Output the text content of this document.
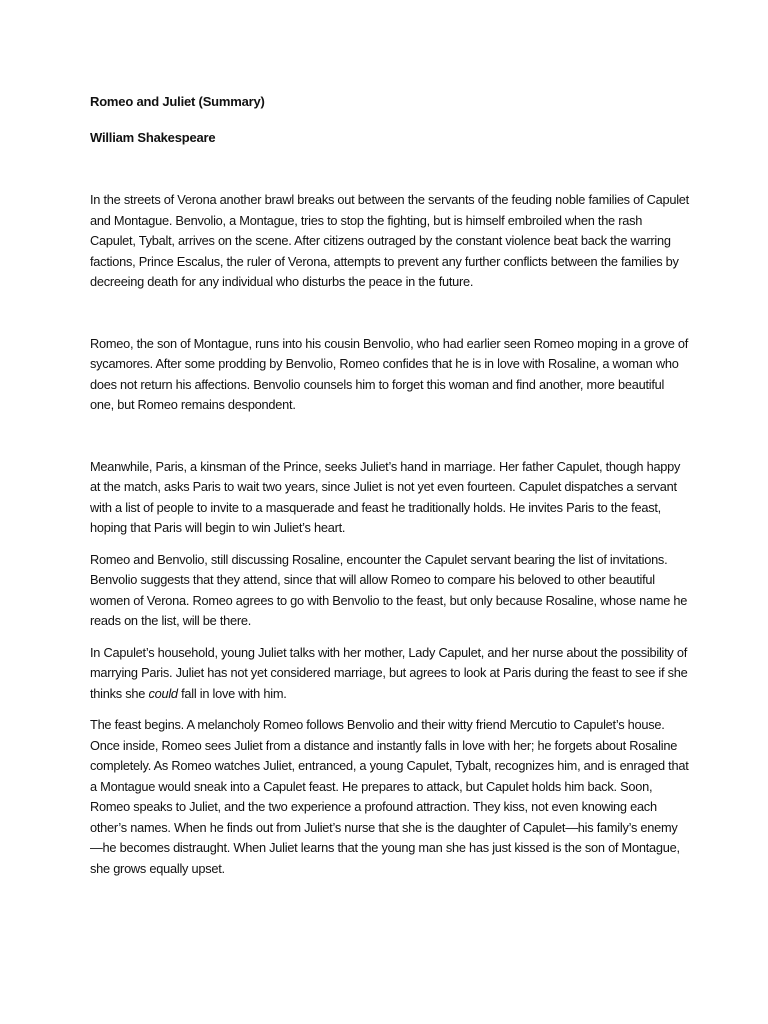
Romeo and Juliet (Summary)
William Shakespeare

In the streets of Verona another brawl breaks out between the servants of the feuding noble families of Capulet and Montague. Benvolio, a Montague, tries to stop the fighting, but is himself embroiled when the rash Capulet, Tybalt, arrives on the scene. After citizens outraged by the constant violence beat back the warring factions, Prince Escalus, the ruler of Verona, attempts to prevent any further conflicts between the families by decreeing death for any individual who disturbs the peace in the future.

Romeo, the son of Montague, runs into his cousin Benvolio, who had earlier seen Romeo moping in a grove of sycamores. After some prodding by Benvolio, Romeo confides that he is in love with Rosaline, a woman who does not return his affections. Benvolio counsels him to forget this woman and find another, more beautiful one, but Romeo remains despondent.

Meanwhile, Paris, a kinsman of the Prince, seeks Juliet’s hand in marriage. Her father Capulet, though happy at the match, asks Paris to wait two years, since Juliet is not yet even fourteen. Capulet dispatches a servant with a list of people to invite to a masquerade and feast he traditionally holds. He invites Paris to the feast, hoping that Paris will begin to win Juliet’s heart.

Romeo and Benvolio, still discussing Rosaline, encounter the Capulet servant bearing the list of invitations. Benvolio suggests that they attend, since that will allow Romeo to compare his beloved to other beautiful women of Verona. Romeo agrees to go with Benvolio to the feast, but only because Rosaline, whose name he reads on the list, will be there.

In Capulet’s household, young Juliet talks with her mother, Lady Capulet, and her nurse about the possibility of marrying Paris. Juliet has not yet considered marriage, but agrees to look at Paris during the feast to see if she thinks she could fall in love with him.

The feast begins. A melancholy Romeo follows Benvolio and their witty friend Mercutio to Capulet’s house. Once inside, Romeo sees Juliet from a distance and instantly falls in love with her; he forgets about Rosaline completely. As Romeo watches Juliet, entranced, a young Capulet, Tybalt, recognizes him, and is enraged that a Montague would sneak into a Capulet feast. He prepares to attack, but Capulet holds him back. Soon, Romeo speaks to Juliet, and the two experience a profound attraction. They kiss, not even knowing each other’s names. When he finds out from Juliet’s nurse that she is the daughter of Capulet—his family’s enemy—he becomes distraught. When Juliet learns that the young man she has just kissed is the son of Montague, she grows equally upset.
